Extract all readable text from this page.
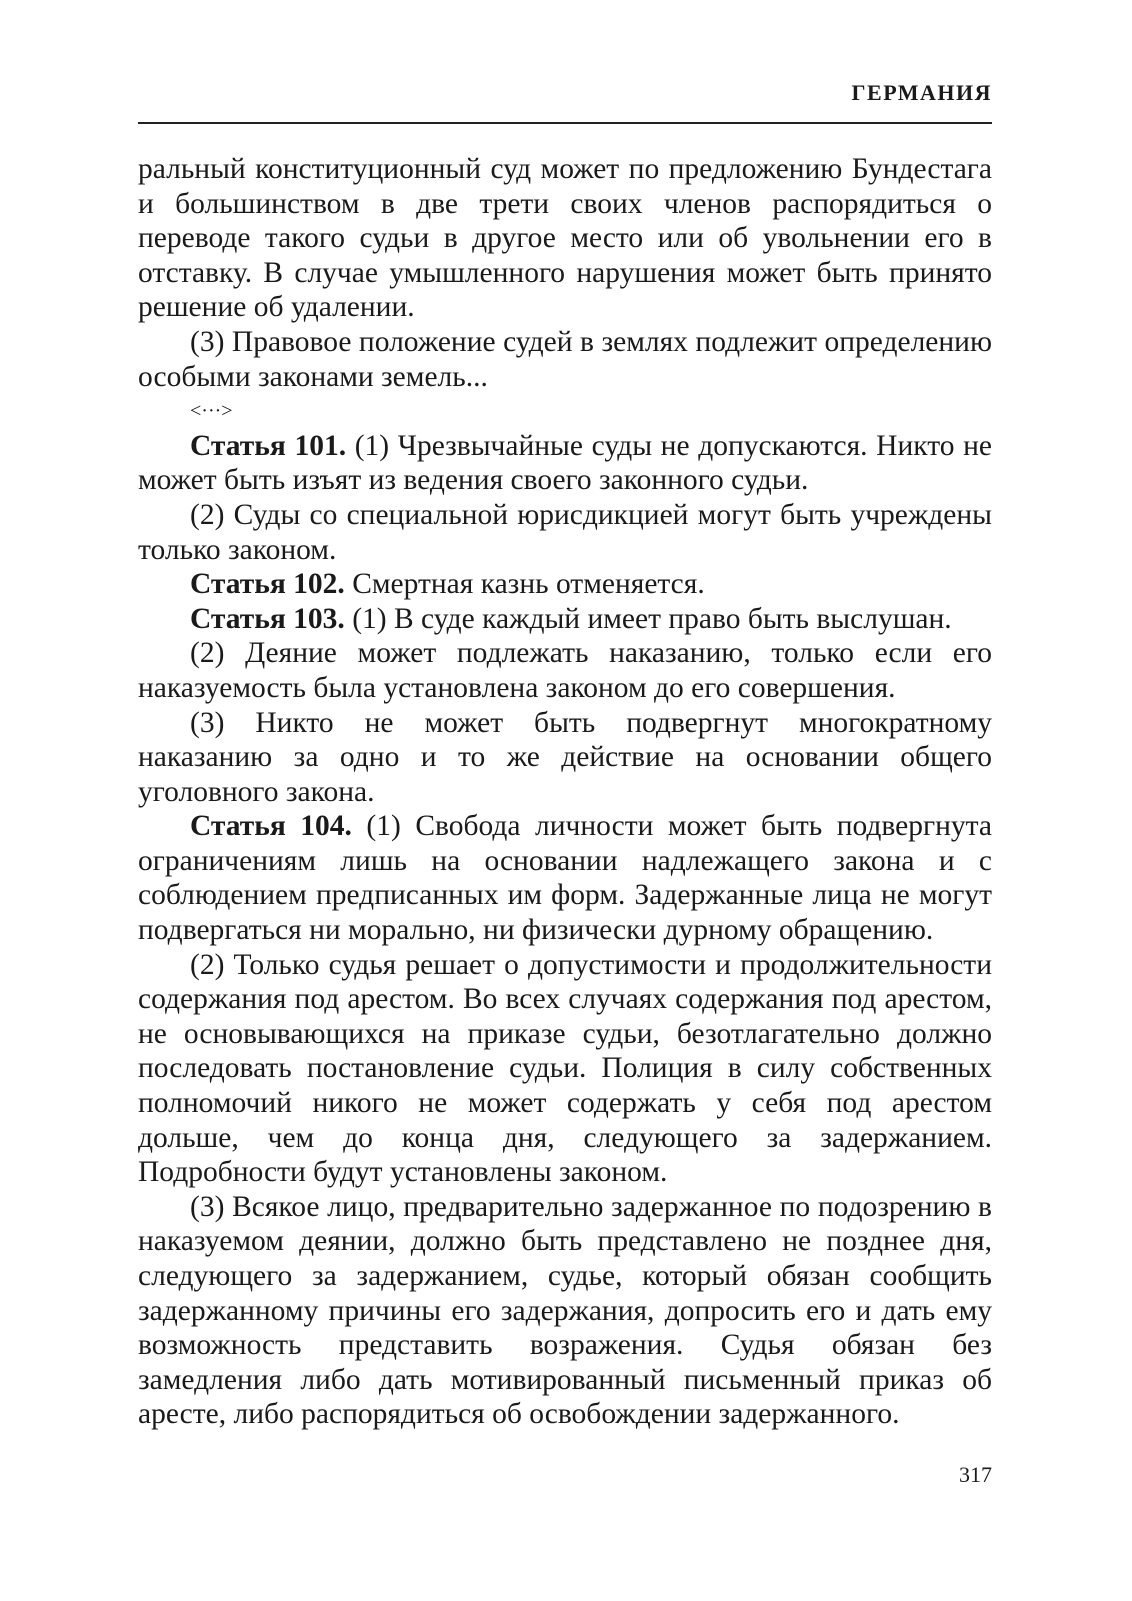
ГЕРМАНИЯ

ральный конституционный суд может по предложению Бундестага и большинством в две трети своих членов распорядиться о переводе такого судьи в другое место или об увольнении его в отставку. В случае умышленного нарушения может быть принято решение об удалении.

(3) Правовое положение судей в землях подлежит определению особыми законами земель...

<···>

Статья 101. (1) Чрезвычайные суды не допускаются. Никто не может быть изъят из ведения своего законного судьи.

(2) Суды со специальной юрисдикцией могут быть учреждены только законом.

Статья 102. Смертная казнь отменяется.

Статья 103. (1) В суде каждый имеет право быть выслушан.

(2) Деяние может подлежать наказанию, только если его наказуемость была установлена законом до его совершения.

(3) Никто не может быть подвергнут многократному наказанию за одно и то же действие на основании общего уголовного закона.

Статья 104. (1) Свобода личности может быть подвергнута ограничениям лишь на основании надлежащего закона и с соблюдением предписанных им форм. Задержанные лица не могут подвергаться ни морально, ни физически дурному обращению.

(2) Только судья решает о допустимости и продолжительности содержания под арестом. Во всех случаях содержания под арестом, не основывающихся на приказе судьи, безотлагательно должно последовать постановление судьи. Полиция в силу собственных полномочий никого не может содержать у себя под арестом дольше, чем до конца дня, следующего за задержанием. Подробности будут установлены законом.

(3) Всякое лицо, предварительно задержанное по подозрению в наказуемом деянии, должно быть представлено не позднее дня, следующего за задержанием, судье, который обязан сообщить задержанному причины его задержания, допросить его и дать ему возможность представить возражения. Судья обязан без замедления либо дать мотивированный письменный приказ об аресте, либо распорядиться об освобождении задержанного.

317
